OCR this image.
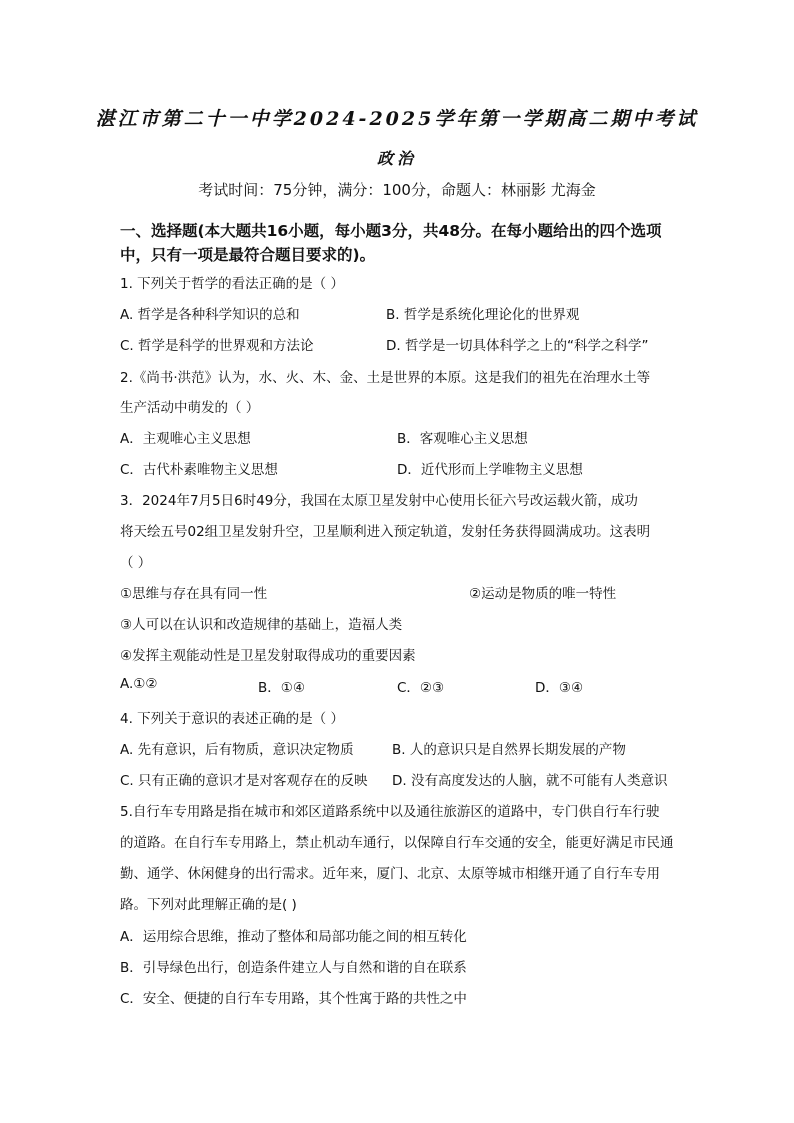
湛江市第二十一中学2024-2025学年第一学期高二期中考试
政治
考试时间：75分钟，满分：100分，命题人：林丽影 尤海金
一、选择题(本大题共16小题，每小题3分，共48分。在每小题给出的四个选项中，只有一项是最符合题目要求的)。
1. 下列关于哲学的看法正确的是（ ）
A. 哲学是各种科学知识的总和	B. 哲学是系统化理论化的世界观
C. 哲学是科学的世界观和方法论	D. 哲学是一切具体科学之上的“科学之科学”
2.《尚书·洪范》认为，水、火、木、金、土是世界的本原。这是我们的祖先在治理水土等
生产活动中萌发的（ ）
A．主观唯心主义思想	B．客观唯心主义思想
C．古代朴素唯物主义思想	D．近代形而上学唯物主义思想
3．2024年7月5日6时49分，我国在太原卫星发射中心使用长征六号改运载火箭，成功
将天绘五号02组卫星发射升空，卫星顺利进入预定轨道，发射任务获得圆满成功。这表明
（ ）
①思维与存在具有同一性	②运动是物质的唯一特性
③人可以在认识和改造规律的基础上，造福人类
④发挥主观能动性是卫星发射取得成功的重要因素
A.①②	B．①④	C．②③	D．③④
4. 下列关于意识的表述正确的是（ ）
A. 先有意识，后有物质，意识决定物质	B. 人的意识只是自然界长期发展的产物
C. 只有正确的意识才是对客观存在的反映 D. 没有高度发达的人脑，就不可能有人类意识
5.自行车专用路是指在城市和郊区道路系统中以及通往旅游区的道路中，专门供自行车行驶
的道路。在自行车专用路上，禁止机动车通行，以保障自行车交通的安全，能更好满足市民通
勤、通学、休闲健身的出行需求。近年来，厦门、北京、太原等城市相继开通了自行车专用
路。下列对此理解正确的是( )
A．运用综合思维，推动了整体和局部功能之间的相互转化
B．引导绿色出行，创造条件建立人与自然和谐的自在联系
C．安全、便捷的自行车专用路，其个性寓于路的共性之中
